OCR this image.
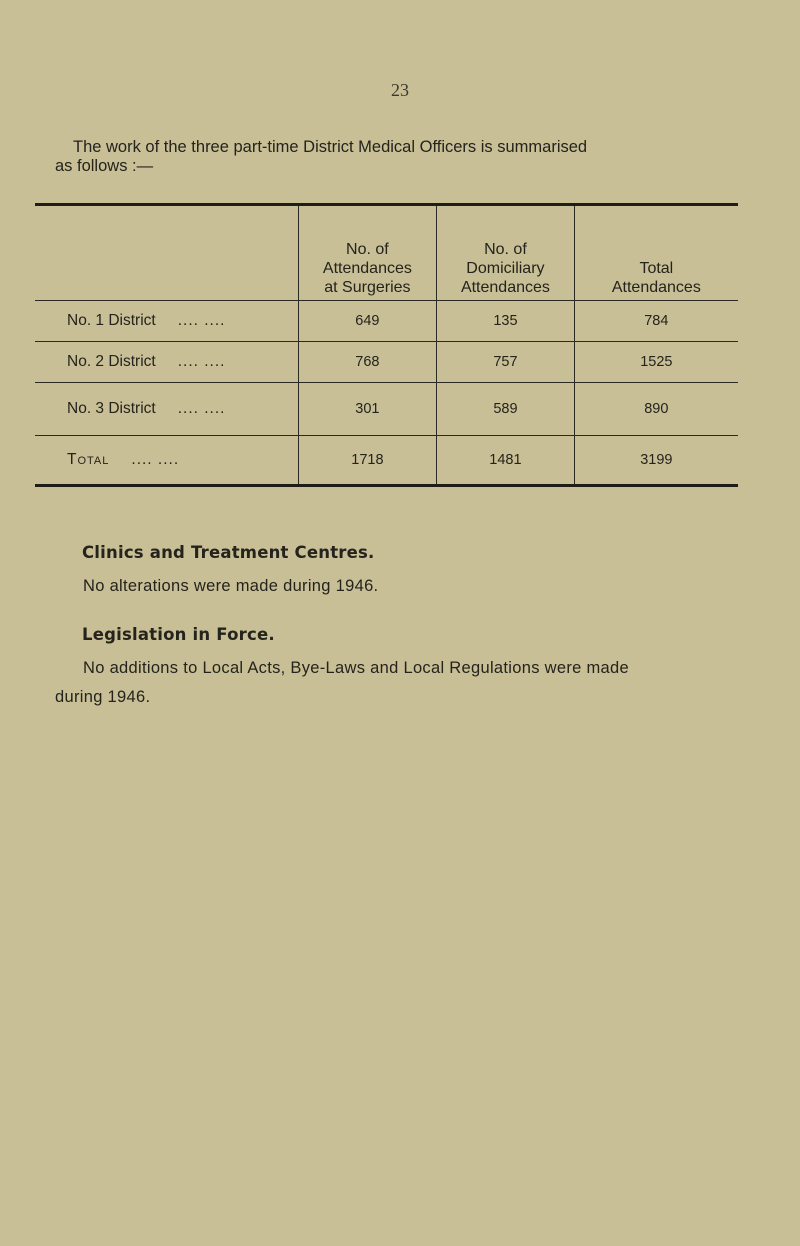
23
The work of the three part-time District Medical Officers is summarised
as follows :—

	No. of
Attendances
at Surgeries	No. of
Domiciliary
Attendances	Total
Attendances

No. 1 District .... ....	649	135	784
No. 2 District .... ....	768	757	1525
No. 3 District .... ....	301	589	890
Total .... ....	1718	1481	3199
Clinics and Treatment Centres.
No alterations were made during 1946.
Legislation in Force.
No additions to Local Acts, Bye-Laws and Local Regulations were made
during 1946.
